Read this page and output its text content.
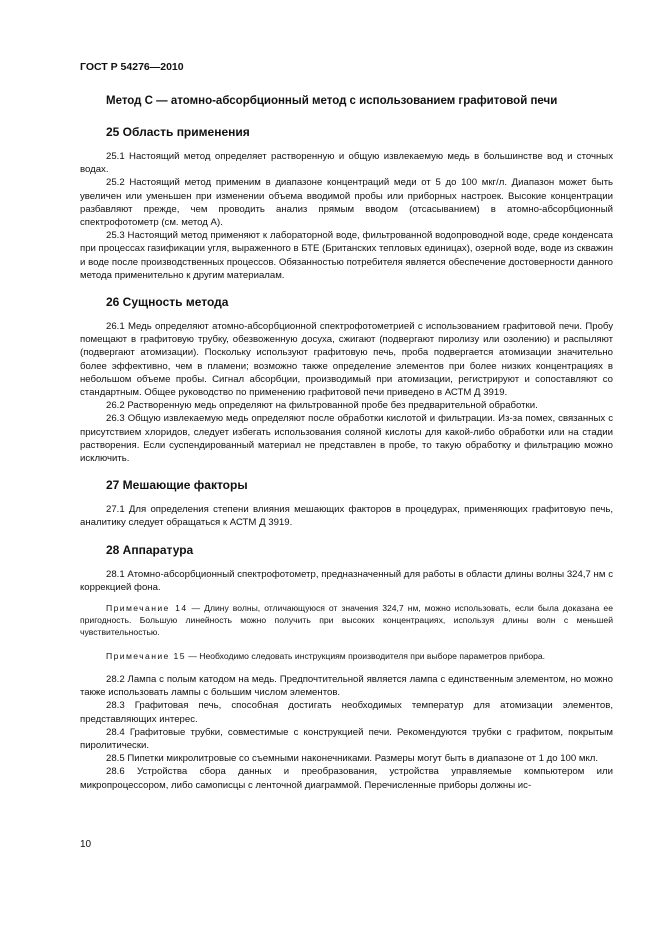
ГОСТ Р 54276—2010
Метод С — атомно-абсорбционный метод с использованием графитовой печи
25 Область применения

25.1 Настоящий метод определяет растворенную и общую извлекаемую медь в большинстве вод и сточных водах.

25.2 Настоящий метод применим в диапазоне концентраций меди от 5 до 100 мкг/л. Диапазон может быть увеличен или уменьшен при изменении объема вводимой пробы или приборных настроек. Высокие концентрации разбавляют прежде, чем проводить анализ прямым вводом (отсасыванием) в атомно-абсорбционный спектрофотометр (см. метод А).

25.3 Настоящий метод применяют к лабораторной воде, фильтрованной водопроводной воде, среде конденсата при процессах газификации угля, выраженного в БТЕ (Британских тепловых единицах), озерной воде, воде из скважин и воде после производственных процессов. Обязанностью потребителя является обеспечение достоверности данного метода применительно к другим материалам.

26 Сущность метода

26.1 Медь определяют атомно-абсорбционной спектрофотометрией с использованием графитовой печи. Пробу помещают в графитовую трубку, обезвоженную досуха, сжигают (подвергают пиролизу или озолению) и распыляют (подвергают атомизации). Поскольку используют графитовую печь, проба подвергается атомизации значительно более эффективно, чем в пламени; возможно также определение элементов при более низких концентрациях в небольшом объеме пробы. Сигнал абсорбции, производимый при атомизации, регистрируют и сопоставляют со стандартным. Общее руководство по применению графитовой печи приведено в АСТМ Д 3919.

26.2 Растворенную медь определяют на фильтрованной пробе без предварительной обработки.

26.3 Общую извлекаемую медь определяют после обработки кислотой и фильтрации. Из-за помех, связанных с присутствием хлоридов, следует избегать использования соляной кислоты для какой-либо обработки или на стадии растворения. Если суспендированный материал не представлен в пробе, то такую обработку и фильтрацию можно исключить.

27 Мешающие факторы

27.1 Для определения степени влияния мешающих факторов в процедурах, применяющих графитовую печь, аналитику следует обращаться к АСТМ Д 3919.

28 Аппаратура

28.1 Атомно-абсорбционный спектрофотометр, предназначенный для работы в области длины волны 324,7 нм с коррекцией фона.

Примечание 14 — Длину волны, отличающуюся от значения 324,7 нм, можно использовать, если была доказана ее пригодность. Большую линейность можно получить при высоких концентрациях, используя длины волн с меньшей чувствительностью.

Примечание 15 — Необходимо следовать инструкциям производителя при выборе параметров прибора.

28.2 Лампа с полым катодом на медь. Предпочтительной является лампа с единственным элементом, но можно также использовать лампы с большим числом элементов.

28.3 Графитовая печь, способная достигать необходимых температур для атомизации элементов, представляющих интерес.

28.4 Графитовые трубки, совместимые с конструкцией печи. Рекомендуются трубки с графитом, покрытым пиролитически.

28.5 Пипетки микролитровые со съемными наконечниками. Размеры могут быть в диапазоне от 1 до 100 мкл.

28.6 Устройства сбора данных и преобразования, устройства управляемые компьютером или микропроцессором, либо самописцы с ленточной диаграммой. Перечисленные приборы должны ис-

10
